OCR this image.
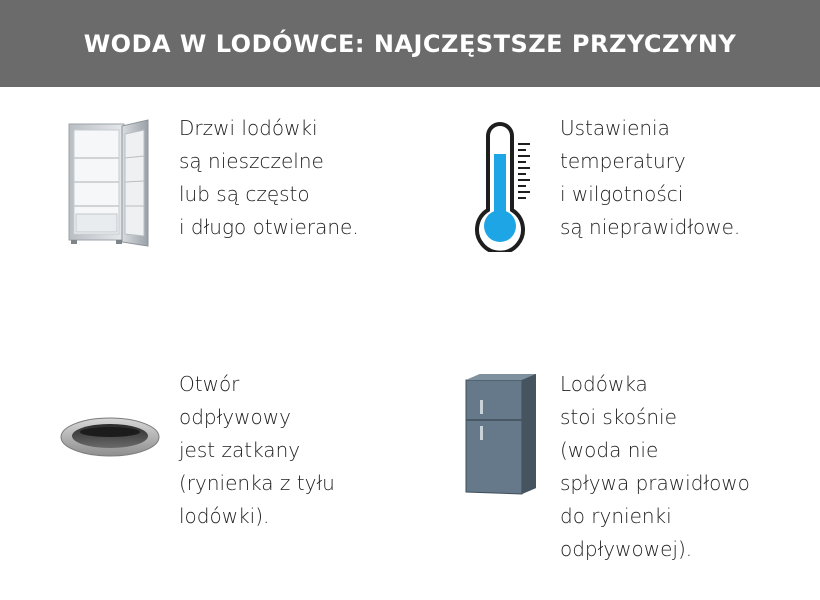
WODA W LODÓWCE: NAJCZĘSTSZE PRZYCZYNY
Drzwi lodówki
są nieszczelne
lub są często
i długo otwierane.
Ustawienia
temperatury
i wilgotności
są nieprawidłowe.
Otwór
odpływowy
jest zatkany
(rynienka z tyłu
lodówki).
Lodówka
stoi skośnie
(woda nie
spływa prawidłowo
do rynienki
odpływowej).
